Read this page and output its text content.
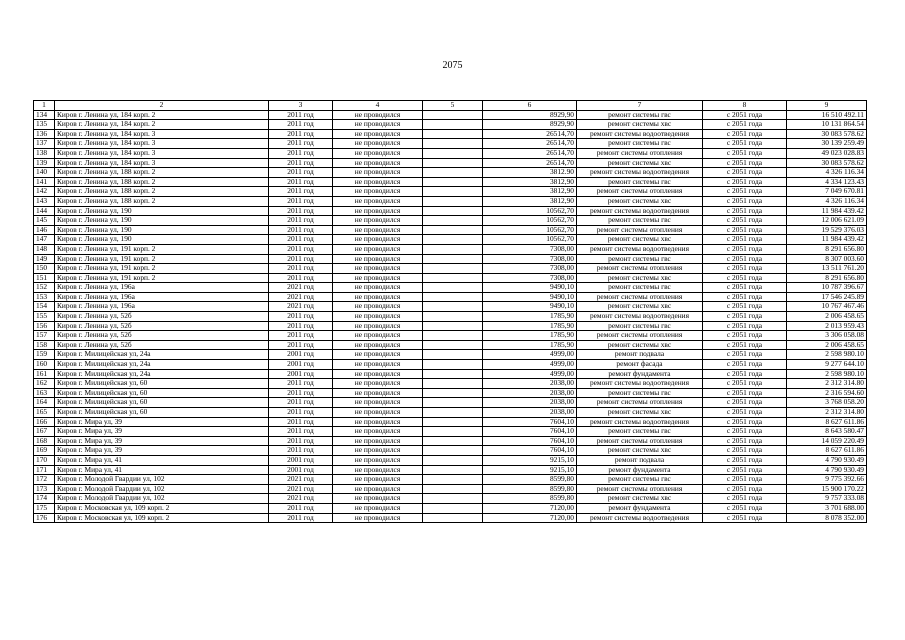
2075
1	2	3	4	5	6	7	8	9
134	Киров г. Ленина ул, 184 корп. 2	2011 год	не проводился		8929,90	ремонт системы гвс	с 2051 года	16 510 492.11
135	Киров г. Ленина ул, 184 корп. 2	2011 год	не проводился		8929,90	ремонт системы хвс	с 2051 года	10 131 864.54
136	Киров г. Ленина ул, 184 корп. 3	2011 год	не проводился		26514,70	ремонт системы водоотведения	с 2051 года	30 083 578.62
137	Киров г. Ленина ул, 184 корп. 3	2011 год	не проводился		26514,70	ремонт системы гвс	с 2051 года	30 139 259.49
138	Киров г. Ленина ул, 184 корп. 3	2011 год	не проводился		26514,70	ремонт системы отопления	с 2051 года	49 023 028.83
139	Киров г. Ленина ул, 184 корп. 3	2011 год	не проводился		26514,70	ремонт системы хвс	с 2051 года	30 083 578.62
140	Киров г. Ленина ул, 188 корп. 2	2011 год	не проводился		3812.90	ремонт системы водоотведения	с 2051 года	4 326 116.34
141	Киров г. Ленина ул, 188 корп. 2	2011 год	не проводился		3812,90	ремонт системы гвс	с 2051 года	4 334 123.43
142	Киров г. Ленина ул, 188 корп. 2	2011 год	не проводился		3812,90	ремонт системы отопления	с 2051 года	7 049 670.81
143	Киров г. Ленина ул, 188 корп. 2	2011 год	не проводился		3812,90	ремонт системы хвс	с 2051 года	4 326 116.34
144	Киров г. Ленина ул, 190	2011 год	не проводился		10562,70	ремонт системы водоотведения	с 2051 года	11 984 439.42
145	Киров г. Ленина ул, 190	2011 год	не проводился		10562,70	ремонт системы гвс	с 2051 года	12 006 621.09
146	Киров г. Ленина ул, 190	2011 год	не проводился		10562,70	ремонт системы отопления	с 2051 года	19 529 376.03
147	Киров г. Ленина ул, 190	2011 год	не проводился		10562,70	ремонт системы хвс	с 2051 года	11 984 439.42
148	Киров г. Ленина ул, 191 корп. 2	2011 год	не проводился		7308,00	ремонт системы водоотведения	с 2051 года	8 291 656.80
149	Киров г. Ленина ул, 191 корп. 2	2011 год	не проводился		7308,00	ремонт системы гвс	с 2051 года	8 307 003.60
150	Киров г. Ленина ул, 191 корп. 2	2011 год	не проводился		7308,00	ремонт системы отопления	с 2051 года	13 511 761.20
151	Киров г. Ленина ул, 191 корп. 2	2011 год	не проводился		7308,00	ремонт системы хвс	с 2051 года	8 291 656.80
152	Киров г. Ленина ул, 196а	2021 год	не проводился		9490,10	ремонт системы гвс	с 2051 года	10 787 396.67
153	Киров г. Ленина ул, 196а	2021 год	не проводился		9490,10	ремонт системы отопления	с 2051 года	17 546 245.89
154	Киров г. Ленина ул, 196а	2021 год	не проводился		9490,10	ремонт системы хвс	с 2051 года	10 767 467.46
155	Киров г. Ленина ул, 52б	2011 год	не проводился		1785,90	ремонт системы водоотведения	с 2051 года	2 006 458.65
156	Киров г. Ленина ул, 52б	2011 год	не проводился		1785,90	ремонт системы гвс	с 2051 года	2 013 959.43
157	Киров г. Ленина ул, 52б	2011 год	не проводился		1785,90	ремонт системы отопления	с 2051 года	3 306 058.08
158	Киров г. Ленина ул, 52б	2011 год	не проводился		1785,90	ремонт системы хвс	с 2051 года	2 006 458.65
159	Киров г. Милицейская ул, 24а	2001 год	не проводился		4999,00	ремонт подвала	с 2051 года	2 598 980.10
160	Киров г. Милицейская ул, 24а	2001 год	не проводился		4999,00	ремонт фасада	с 2051 года	9 277 644.10
161	Киров г. Милицейская ул, 24а	2001 год	не проводился		4999,00	ремонт фундамента	с 2051 года	2 598 980.10
162	Киров г. Милицейская ул, 60	2011 год	не проводился		2038,00	ремонт системы водоотведения	с 2051 года	2 312 314.80
163	Киров г. Милицейская ул, 60	2011 год	не проводился		2038,00	ремонт системы гвс	с 2051 года	2 316 594.60
164	Киров г. Милицейская ул, 60	2011 год	не проводился		2038,00	ремонт системы отопления	с 2051 года	3 768 058.20
165	Киров г. Милицейская ул, 60	2011 год	не проводился		2038,00	ремонт системы хвс	с 2051 года	2 312 314.80
166	Киров г. Мира ул, 39	2011 год	не проводился		7604,10	ремонт системы водоотведения	с 2051 года	8 627 611.86
167	Киров г. Мира ул, 39	2011 год	не проводился		7604,10	ремонт системы гвс	с 2051 года	8 643 580.47
168	Киров г. Мира ул, 39	2011 год	не проводился		7604,10	ремонт системы отопления	с 2051 года	14 059 220.49
169	Киров г. Мира ул, 39	2011 год	не проводился		7604,10	ремонт системы хвс	с 2051 года	8 627 611.86
170	Киров г. Мира ул, 41	2001 год	не проводился		9215,10	ремонт подвала	с 2051 года	4 790 930.49
171	Киров г. Мира ул, 41	2001 год	не проводился		9215,10	ремонт фундамента	с 2051 года	4 790 930.49
172	Киров г. Молодой Гвардии ул, 102	2021 год	не проводился		8599,80	ремонт системы гвс	с 2051 года	9 775 392.66
173	Киров г. Молодой Гвардии ул, 102	2021 год	не проводился		8599,80	ремонт системы отопления	с 2051 года	15 900 170.22
174	Киров г. Молодой Гвардии ул, 102	2021 год	не проводился		8599,80	ремонт системы хвс	с 2051 года	9 757 333.08
175	Киров г. Московская ул, 109 корп. 2	2011 год	не проводился		7120,00	ремонт фундамента	с 2051 года	3 701 688.00
176	Киров г. Московская ул, 109 корп. 2	2011 год	не проводился		7120,00	ремонт системы водоотведения	с 2051 года	8 078 352.00
